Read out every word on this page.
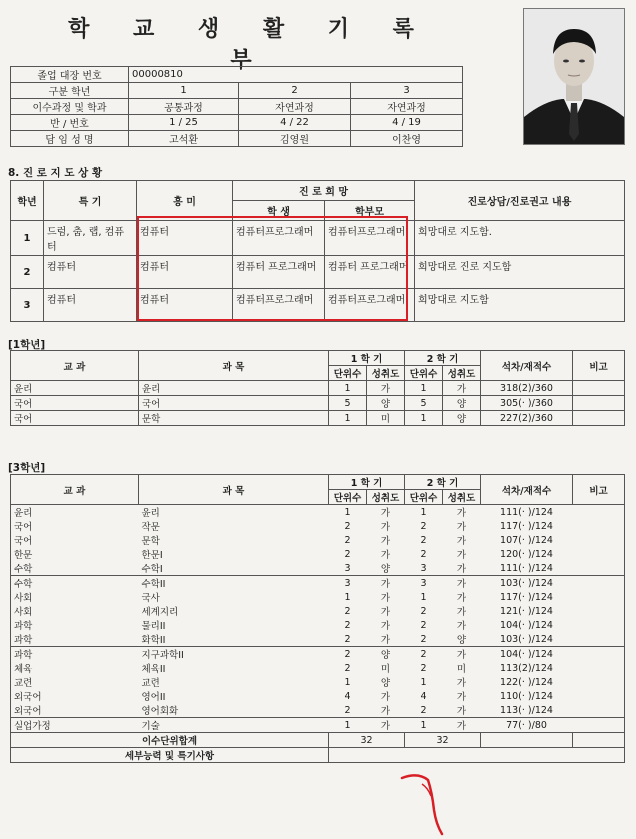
학 교 생 활 기 록 부
졸업 대장 번호	00000810		
구분 학년	1	2	3
이수과정 및 학과	공통과정	자연과정	자연과정
반 / 번호	1 / 25	4 / 22	4 / 19
담 임 성 명	고석환	김영원	이찬영
8. 진 로 지 도 상 황
학년	특 기	흥 미	진 로 희 망		진로상담/진로권고 내용
			학 생	학부모	
1	드럼, 춤, 랩, 컴퓨터	컴퓨터	컴퓨터프로그래머	컴퓨터프로그래머	희망대로 지도함.
2	컴퓨터	컴퓨터	컴퓨터 프로그래머	컴퓨터 프로그래머	희망대로 진로 지도함
3	컴퓨터	컴퓨터	컴퓨터프로그래머	컴퓨터프로그래머	희망대로 지도함
[1학년]
교 과	과 목	1 학 기		2 학 기		석차/재적수	비고
		단위수	성취도	단위수	성취도		
윤리	윤리	1	가	1	가	318(2)/360	
국어	국어	5	양	5	양	305(· )/360	
국어	문학	1	미	1	양	227(2)/360	
[3학년]
교 과	과 목	1 학 기		2 학 기		석차/재적수	비고
		단위수	성취도	단위수	성취도		
윤리	윤리	1	가	1	가	111(· )/124	
국어	작문	2	가	2	가	117(· )/124	
국어	문학	2	가	2	가	107(· )/124	
한문	한문I	2	가	2	가	120(· )/124	
수학	수학I	3	양	3	가	111(· )/124	
수학	수학II	3	가	3	가	103(· )/124	
사회	국사	1	가	1	가	117(· )/124	
사회	세계지리	2	가	2	가	121(· )/124	
과학	물리II	2	가	2	가	104(· )/124	
과학	화학II	2	가	2	양	103(· )/124	
과학	지구과학II	2	양	2	가	104(· )/124	
체육	체육II	2	미	2	미	113(2)/124	
교련	교련	1	양	1	가	122(· )/124	
외국어	영어II	4	가	4	가	110(· )/124	
외국어	영어회화	2	가	2	가	113(· )/124	
실업가정	기술	1	가	1	가	77(· )/80	
이수단위합계		32		32			
세부능력 및 특기사항							
